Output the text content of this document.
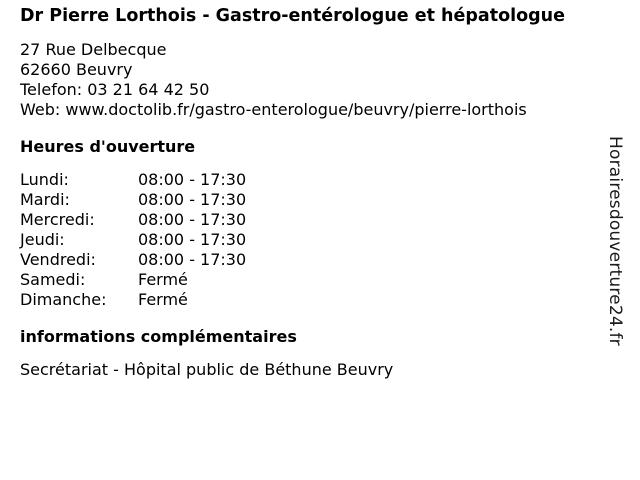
Dr Pierre Lorthois - Gastro-entérologue et hépatologue
27 Rue Delbecque
62660 Beuvry
Telefon: 03 21 64 42 50
Web: www.doctolib.fr/gastro-enterologue/beuvry/pierre-lorthois
Heures d'ouverture
Lundi:	08:00 - 17:30
Mardi:	08:00 - 17:30
Mercredi:	08:00 - 17:30
Jeudi:	08:00 - 17:30
Vendredi:	08:00 - 17:30
Samedi:	Fermé
Dimanche:	Fermé
informations complémentaires
Secrétariat - Hôpital public de Béthune Beuvry
Horairesdouverture24.fr
